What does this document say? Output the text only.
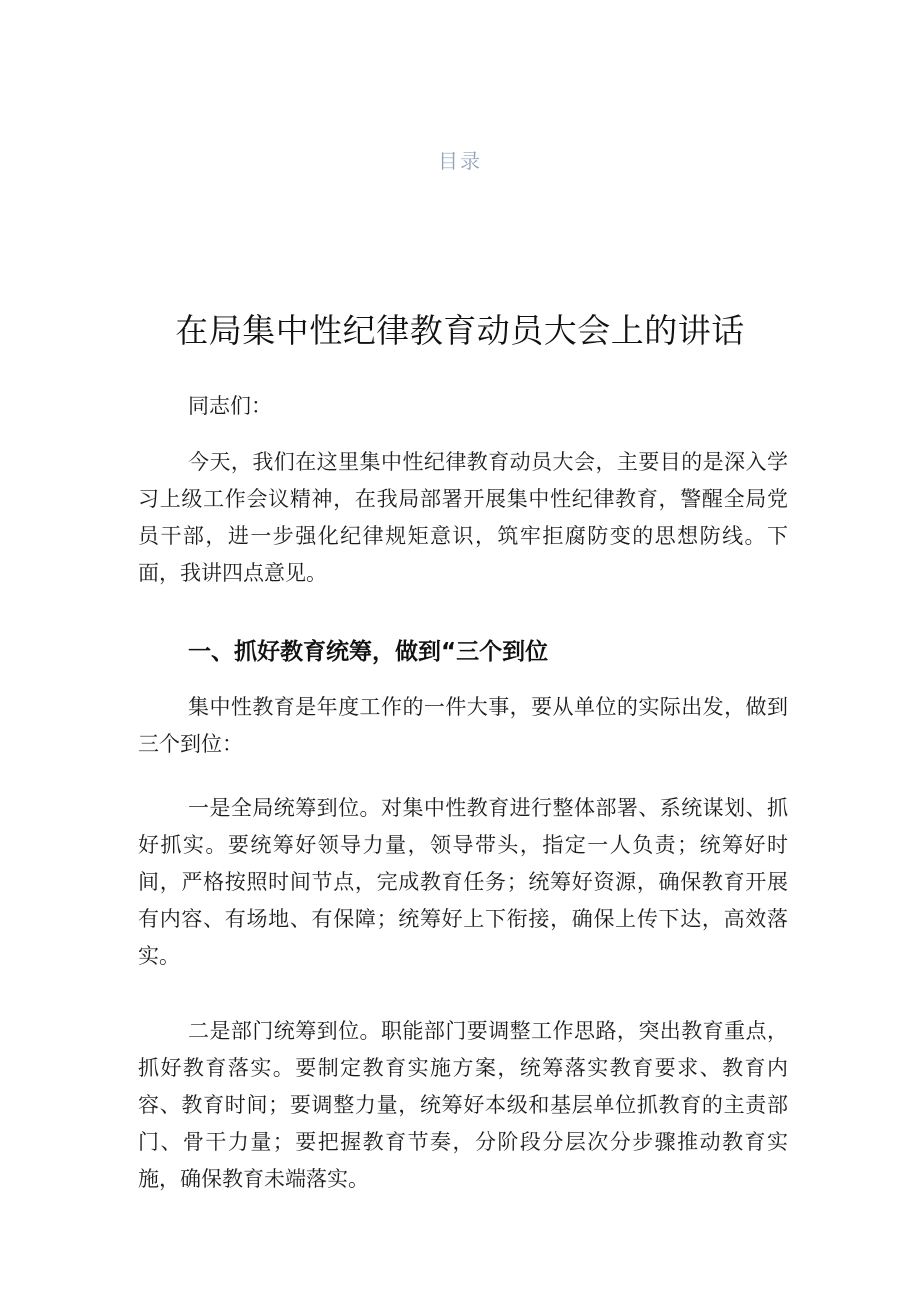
目录
在局集中性纪律教育动员大会上的讲话

同志们：

今天，我们在这里集中性纪律教育动员大会，主要目的是深入学习上级工作会议精神，在我局部署开展集中性纪律教育，警醒全局党员干部，进一步强化纪律规矩意识，筑牢拒腐防变的思想防线。下面，我讲四点意见。

一、抓好教育统筹，做到“三个到位

集中性教育是年度工作的一件大事，要从单位的实际出发，做到三个到位：

一是全局统筹到位。对集中性教育进行整体部署、系统谋划、抓好抓实。要统筹好领导力量，领导带头，指定一人负责；统筹好时间，严格按照时间节点，完成教育任务；统筹好资源，确保教育开展有内容、有场地、有保障；统筹好上下衔接，确保上传下达，高效落实。

二是部门统筹到位。职能部门要调整工作思路，突出教育重点，抓好教育落实。要制定教育实施方案，统筹落实教育要求、教育内容、教育时间；要调整力量，统筹好本级和基层单位抓教育的主责部门、骨干力量；要把握教育节奏，分阶段分层次分步骤推动教育实施，确保教育未端落实。
